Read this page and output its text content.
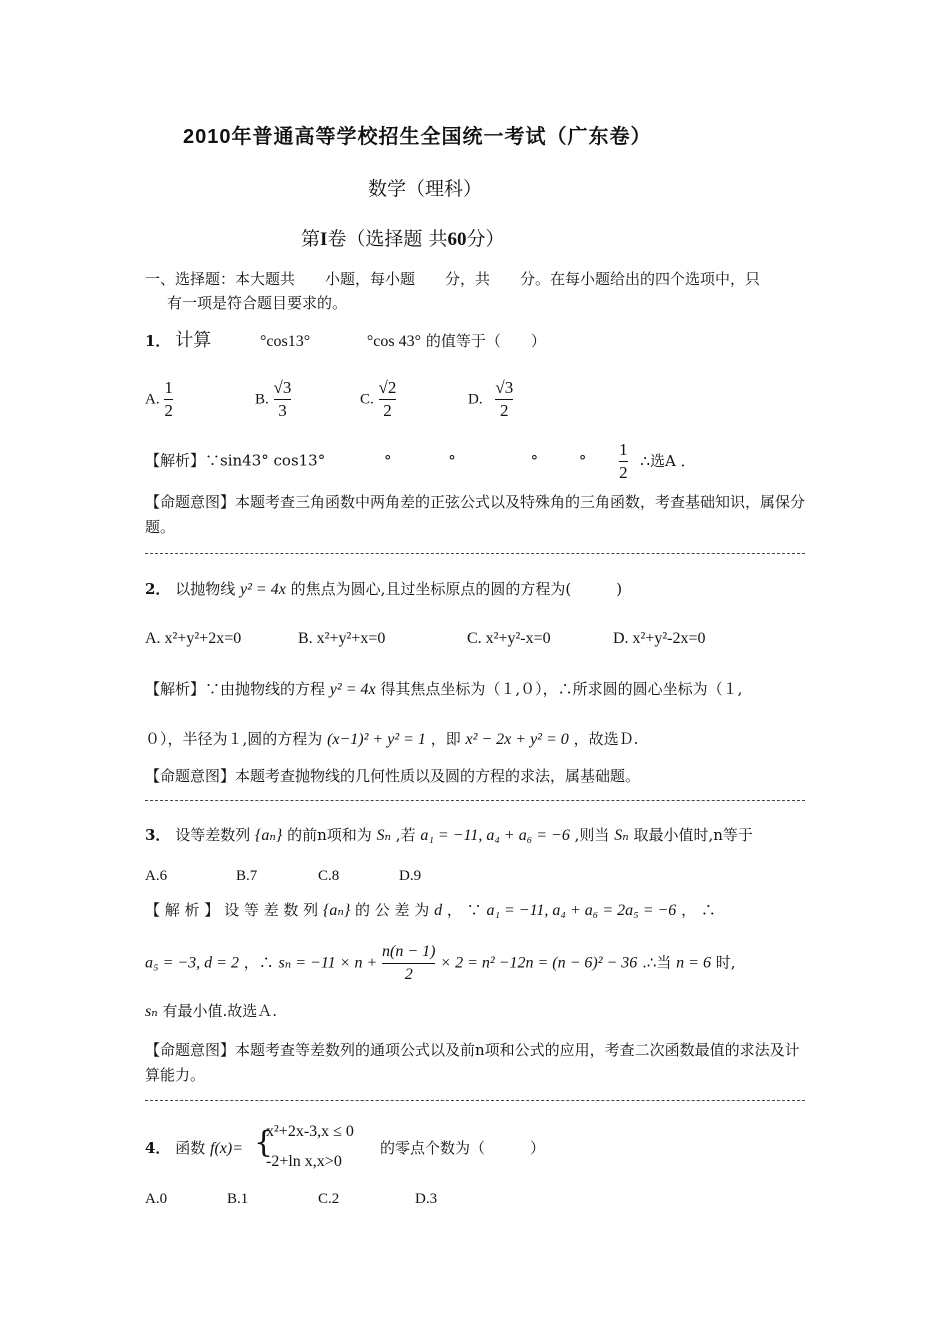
2010年普通高等学校招生全国统一考试（广东卷）
数学（理科）
第I卷（选择题 共60分）
一、选择题：本大题共　　小题，每小题　　分，共　　分。在每小题给出的四个选项中，只
有一项是符合题目要求的。
1． 计算	°cos13°	°cos 43° 的值等于（　　）
A. $\frac{1}{2}$	B. $\frac{√3}{3}$	C. $\frac{√2}{2}$	D. $\frac{√3}{2}$
【解析】∵sin43° cos13°	°	°	°	° $\frac{1}{2}$ ∴选A ．
【命题意图】本题考查三角函数中两角差的正弦公式以及特殊角的三角函数，考查基础知识，属保分题。
2． 以抛物线 y² = 4x 的焦点为圆心,且过坐标原点的圆的方程为(　　　)
A. x²+y²+2x=0	B. x²+y²+x=0	C. x²+y²-x=0	D. x²+y²-2x=0
【解析】∵由抛物线的方程 y² = 4x 得其焦点坐标为（１,０），∴所求圆的圆心坐标为（１,
０），半径为１,圆的方程为 (x−1)² + y² = 1 ，即 x² − 2x + y² = 0 ，故选Ｄ.
【命题意图】本题考查抛物线的几何性质以及圆的方程的求法，属基础题。
3． 设等差数列 {aₙ} 的前n项和为 Sₙ ,若 a₁ = −11, a₄ + a₆ = −6 ,则当 Sₙ 取最小值时,n等于
A.6	B.7	C.8	D.9
【 解 析 】 设 等 差 数 列 {aₙ} 的 公 差 为 d ， ∵ a₁ = −11, a₄ + a₆ = 2a₅ = −6 ， ∴
a₅ = −3, d = 2 ，∴ $s_n = -11 \times n + \frac{n(n - 1)}{2} \times 2 = n^2 -12n = (n - 6)^2 - 36$ .∴当 n = 6 时,
sₙ 有最小值.故选Ａ.
【命题意图】本题考查等差数列的通项公式以及前n项和公式的应用，考查二次函数最值的求法及计算能力。
4． 函数 f(x)= {
x²+2x-3,x ≤ 0
-2+ln x,x>0
的零点个数为（　　　）
A.0	B.1	C.2	D.3
